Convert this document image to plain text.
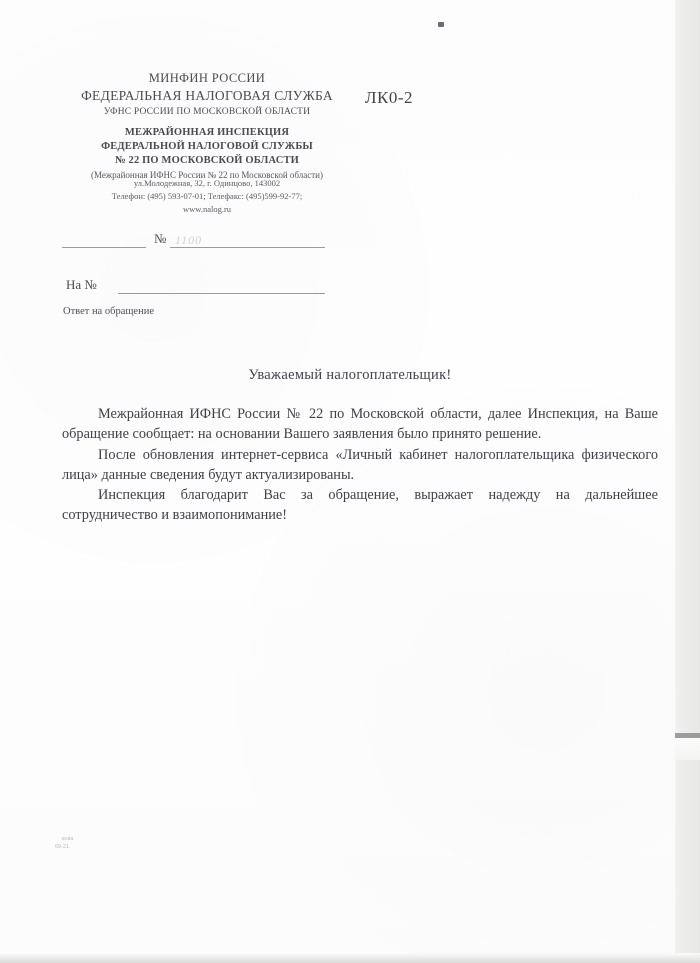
МИНФИН РОССИИ
ФЕДЕРАЛЬНАЯ НАЛОГОВАЯ СЛУЖБА
УФНС РОССИИ ПО МОСКОВСКОЙ ОБЛАСТИ
МЕЖРАЙОННАЯ ИНСПЕКЦИЯ
ФЕДЕРАЛЬНОЙ НАЛОГОВОЙ СЛУЖБЫ
№ 22 ПО МОСКОВСКОЙ ОБЛАСТИ
(Межрайонная ИФНС России № 22 по Московской области)
ЛК0-2
ул.Молодежная, 32, г. Одинцово, 143002
Телефон: (495) 593-07-01; Телефакс: (495)599-92-77;
www.nalog.ru
№ 1100
На №
Ответ на обращение
Уважаемый налогоплательщик!

Межрайонная ИФНС России № 22 по Московской области, далее Инспекция, на Ваше обращение сообщает: на основании Вашего заявления было принято решение.

После обновления интернет-сервиса «Личный кабинет налогоплательщика физического лица» данные сведения будут актуализированы.

Инспекция благодарит Вас за обращение, выражает надежду на дальнейшее сотрудничество и взаимопонимание!

кнва
69-21
